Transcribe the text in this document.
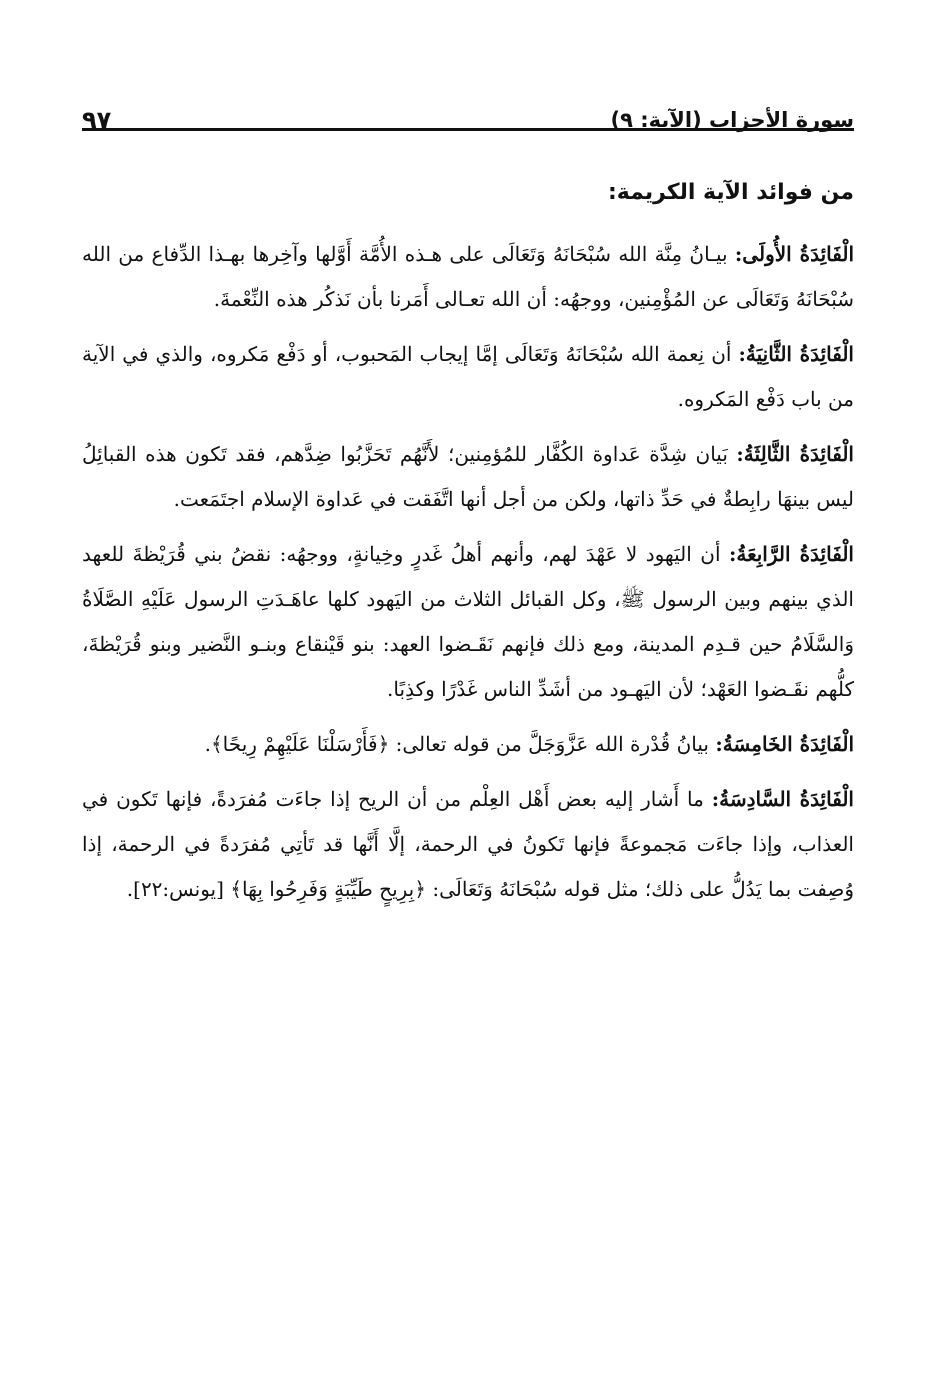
سورة الأحزاب (الآية: ٩)
٩٧
من فوائد الآية الكريمة:

الْفَائِدَةُ الأُولَى: بيـانُ مِنَّة الله سُبْحَانَهُ وَتَعَالَى على هـذه الأُمَّة أَوَّلها وآخِرها بهـذا الدِّفاع من الله سُبْحَانَهُ وَتَعَالَى عن المُؤْمِنين، ووجهُه: أن الله تعـالى أَمَرنا بأن نَذكُر هذه النِّعْمةَ.

الْفَائِدَةُ الثَّانِيَةُ: أن نِعمة الله سُبْحَانَهُ وَتَعَالَى إمَّا إيجاب المَحبوب، أو دَفْع مَكروه، والذي في الآية من باب دَفْع المَكروه.

الْفَائِدَةُ الثَّالِثَةُ: بَيان شِدَّة عَداوة الكُفَّار للمُؤمِنين؛ لأَنَّهُم تَحَزَّبُوا ضِدَّهم، فقد تَكون هذه القبائِلُ ليس بينهَا رابِطةٌ في حَدِّ ذاتها، ولكن من أجل أنها اتَّفَقت في عَداوة الإسلام اجتَمَعت.

الْفَائِدَةُ الرَّابِعَةُ: أن اليَهود لا عَهْدَ لهم، وأنهم أهلُ غَدرٍ وخِيانةٍ، ووجهُه: نقضُ بني قُرَيْظةَ للعهد الذي بينهم وبين الرسول ﷺ، وكل القبائل الثلاث من اليَهود كلها عاهَـدَتِ الرسول عَلَيْهِ الصَّلَاةُ وَالسَّلَامُ حين قـدِم المدينة، ومع ذلك فإنهم نَقَـضوا العهد: بنو قَيْنقاع وبنـو النَّضير وبنو قُرَيْظةَ، كلُّهم نقَـضوا العَهْد؛ لأن اليَهـود من أشَدِّ الناس غَدْرًا وكذِبًا.

الْفَائِدَةُ الخَامِسَةُ: بيانُ قُدْرة الله عَزَّوَجَلَّ من قوله تعالى: ﴿فَأَرْسَلْنَا عَلَيْهِمْ رِيحًا﴾.

الْفَائِدَةُ السَّادِسَةُ: ما أَشار إليه بعض أَهْل العِلْم من أن الريح إذا جاءَت مُفرَدةً، فإنها تَكون في العذاب، وإذا جاءَت مَجموعةً فإنها تَكونُ في الرحمة، إلَّا أَنَّها قد تَأتِي مُفرَدةً في الرحمة، إذا وُصِفت بما يَدُلُّ على ذلك؛ مثل قوله سُبْحَانَهُ وَتَعَالَى: ﴿بِرِيحٍ طَيِّبَةٍ وَفَرِحُوا بِهَا﴾ [يونس:٢٢].
